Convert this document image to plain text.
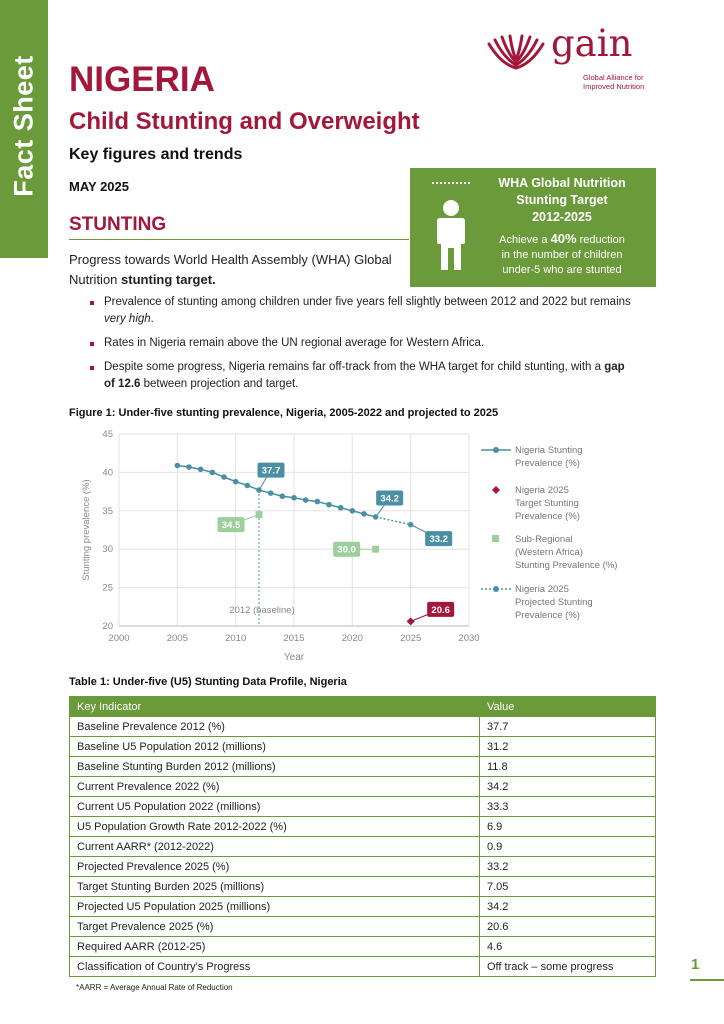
Fact Sheet
gain
Global Alliance for
Improved Nutrition
NIGERIA
Child Stunting and Overweight
Key figures and trends
MAY 2025
STUNTING
Progress towards World Health Assembly (WHA) Global Nutrition stunting target.
WHA Global Nutrition
Stunting Target
2012-2025
Achieve a 40% reduction
in the number of children
under-5 who are stunted
Prevalence of stunting among children under five years fell slightly between 2012 and 2022 but remains very high.
Rates in Nigeria remain above the UN regional average for Western Africa.
Despite some progress, Nigeria remains far off-track from the WHA target for child stunting, with a gap of 12.6 between projection and target.
Figure 1: Under-five stunting prevalence, Nigeria, 2005-2022 and projected to 2025
20
25
30
35
40
45
2000	2005	2010	2015	2020	2025	2030
Year
Stunting prevalence (%)
2012 (baseline)
37.7
34.2
33.2
20.6
34.5
30.0
Nigeria Stunting
Prevalence (%)
Nigeria 2025
Target Stunting
Prevalence (%)
Sub-Regional
(Western Africa)
Stunting Prevalence (%)
Nigeria 2025
Projected Stunting
Prevalence (%)
Table 1: Under-five (U5) Stunting Data Profile, Nigeria
Key Indicator	Value
Baseline Prevalence 2012 (%)	37.7
Baseline U5 Population 2012 (millions)	31.2
Baseline Stunting Burden 2012 (millions)	11.8
Current Prevalence 2022 (%)	34.2
Current U5 Population 2022 (millions)	33.3
U5 Population Growth Rate 2012-2022 (%)	6.9
Current AARR* (2012-2022)	0.9
Projected Prevalence 2025 (%)	33.2
Target Stunting Burden 2025 (millions)	7.05
Projected U5 Population 2025 (millions)	34.2
Target Prevalence 2025 (%)	20.6
Required AARR (2012-25)	4.6
Classification of Country's Progress	Off track – some progress
*AARR = Average Annual Rate of Reduction
1
